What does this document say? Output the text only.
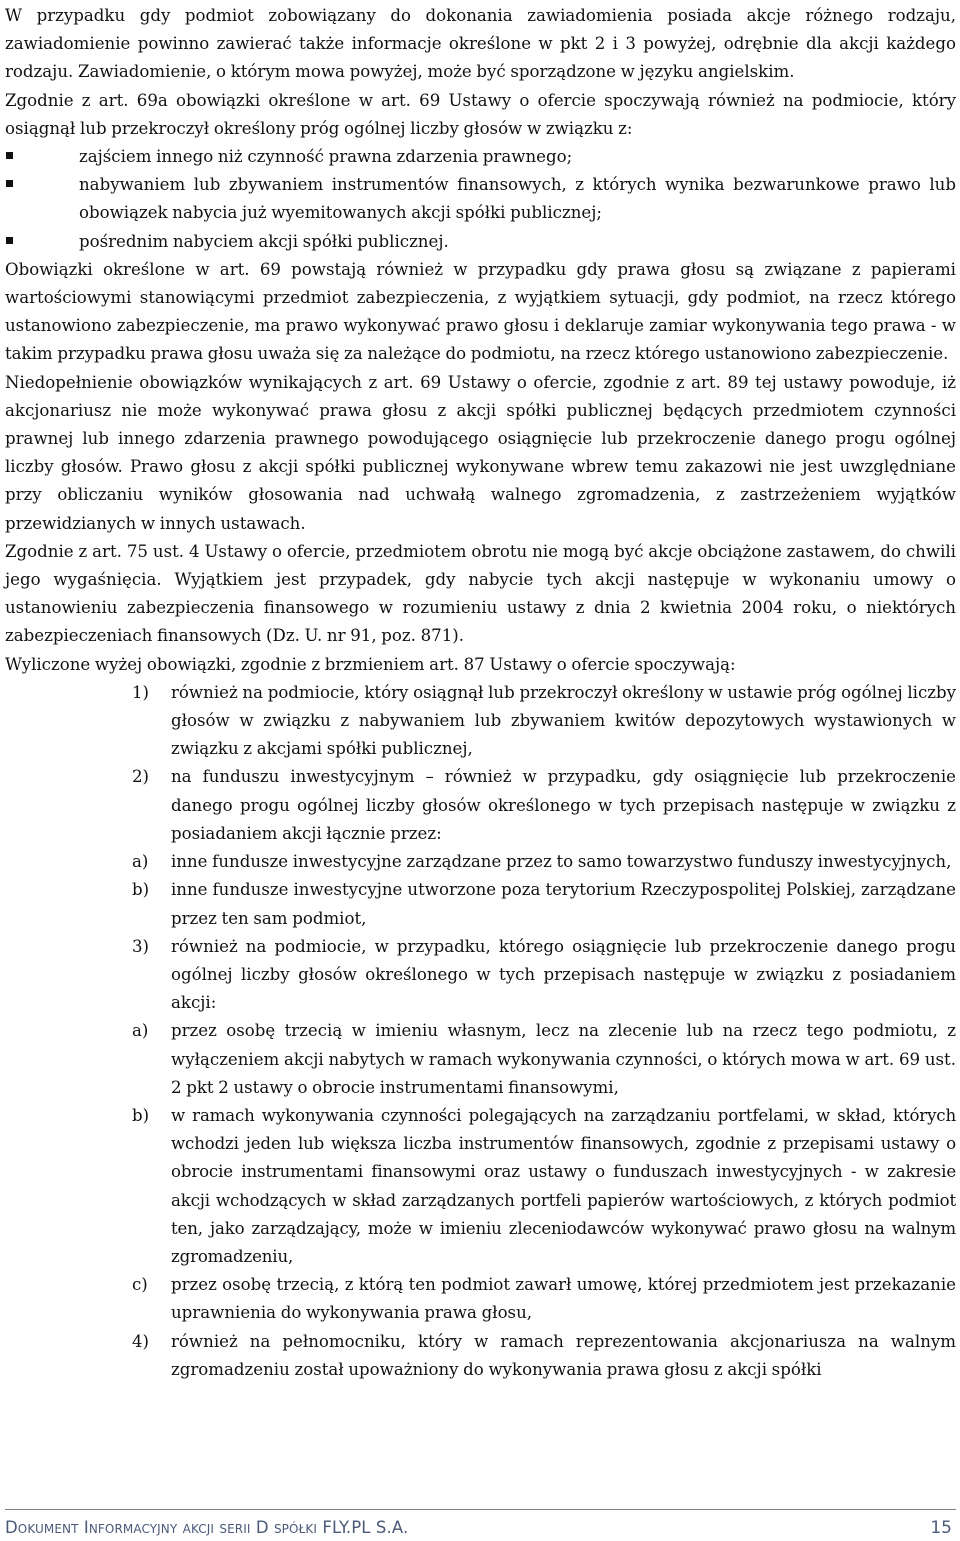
W przypadku gdy podmiot zobowiązany do dokonania zawiadomienia posiada akcje różnego rodzaju, zawiadomienie powinno zawierać także informacje określone w pkt 2 i 3 powyżej, odrębnie dla akcji każdego rodzaju. Zawiadomienie, o którym mowa powyżej, może być sporządzone w języku angielskim.

Zgodnie z art. 69a obowiązki określone w art. 69 Ustawy o ofercie spoczywają również na podmiocie, który osiągnął lub przekroczył określony próg ogólnej liczby głosów w związku z:

zajściem innego niż czynność prawna zdarzenia prawnego;

nabywaniem lub zbywaniem instrumentów finansowych, z których wynika bezwarunkowe prawo lub obowiązek nabycia już wyemitowanych akcji spółki publicznej;

pośrednim nabyciem akcji spółki publicznej.

Obowiązki określone w art. 69 powstają również w przypadku gdy prawa głosu są związane z papierami wartościowymi stanowiącymi przedmiot zabezpieczenia, z wyjątkiem sytuacji, gdy podmiot, na rzecz którego ustanowiono zabezpieczenie, ma prawo wykonywać prawo głosu i deklaruje zamiar wykonywania tego prawa - w takim przypadku prawa głosu uważa się za należące do podmiotu, na rzecz którego ustanowiono zabezpieczenie.

Niedopełnienie obowiązków wynikających z art. 69 Ustawy o ofercie, zgodnie z art. 89 tej ustawy powoduje, iż akcjonariusz nie może wykonywać prawa głosu z akcji spółki publicznej będących przedmiotem czynności prawnej lub innego zdarzenia prawnego powodującego osiągnięcie lub przekroczenie danego progu ogólnej liczby głosów. Prawo głosu z akcji spółki publicznej wykonywane wbrew temu zakazowi nie jest uwzględniane przy obliczaniu wyników głosowania nad uchwałą walnego zgromadzenia, z zastrzeżeniem wyjątków przewidzianych w innych ustawach.

Zgodnie z art. 75 ust. 4 Ustawy o ofercie, przedmiotem obrotu nie mogą być akcje obciążone zastawem, do chwili jego wygaśnięcia. Wyjątkiem jest przypadek, gdy nabycie tych akcji następuje w wykonaniu umowy o ustanowieniu zabezpieczenia finansowego w rozumieniu ustawy z dnia 2 kwietnia 2004 roku, o niektórych zabezpieczeniach finansowych (Dz. U. nr 91, poz. 871).

Wyliczone wyżej obowiązki, zgodnie z brzmieniem art. 87 Ustawy o ofercie spoczywają:

1) również na podmiocie, który osiągnął lub przekroczył określony w ustawie próg ogólnej liczby głosów w związku z nabywaniem lub zbywaniem kwitów depozytowych wystawionych w związku z akcjami spółki publicznej,

2) na funduszu inwestycyjnym – również w przypadku, gdy osiągnięcie lub przekroczenie danego progu ogólnej liczby głosów określonego w tych przepisach następuje w związku z posiadaniem akcji łącznie przez:

a) inne fundusze inwestycyjne zarządzane przez to samo towarzystwo funduszy inwestycyjnych,

b) inne fundusze inwestycyjne utworzone poza terytorium Rzeczypospolitej Polskiej, zarządzane przez ten sam podmiot,

3) również na podmiocie, w przypadku, którego osiągnięcie lub przekroczenie danego progu ogólnej liczby głosów określonego w tych przepisach następuje w związku z posiadaniem akcji:

a) przez osobę trzecią w imieniu własnym, lecz na zlecenie lub na rzecz tego podmiotu, z wyłączeniem akcji nabytych w ramach wykonywania czynności, o których mowa w art. 69 ust. 2 pkt 2 ustawy o obrocie instrumentami finansowymi,

b) w ramach wykonywania czynności polegających na zarządzaniu portfelami, w skład, których wchodzi jeden lub większa liczba instrumentów finansowych, zgodnie z przepisami ustawy o obrocie instrumentami finansowymi oraz ustawy o funduszach inwestycyjnych - w zakresie akcji wchodzących w skład zarządzanych portfeli papierów wartościowych, z których podmiot ten, jako zarządzający, może w imieniu zleceniodawców wykonywać prawo głosu na walnym zgromadzeniu,

c) przez osobę trzecią, z którą ten podmiot zawarł umowę, której przedmiotem jest przekazanie uprawnienia do wykonywania prawa głosu,

4) również na pełnomocniku, który w ramach reprezentowania akcjonariusza na walnym zgromadzeniu został upoważniony do wykonywania prawa głosu z akcji spółki

Dokument Informacyjny akcji serii D spółki FLY.PL S.A.	15
